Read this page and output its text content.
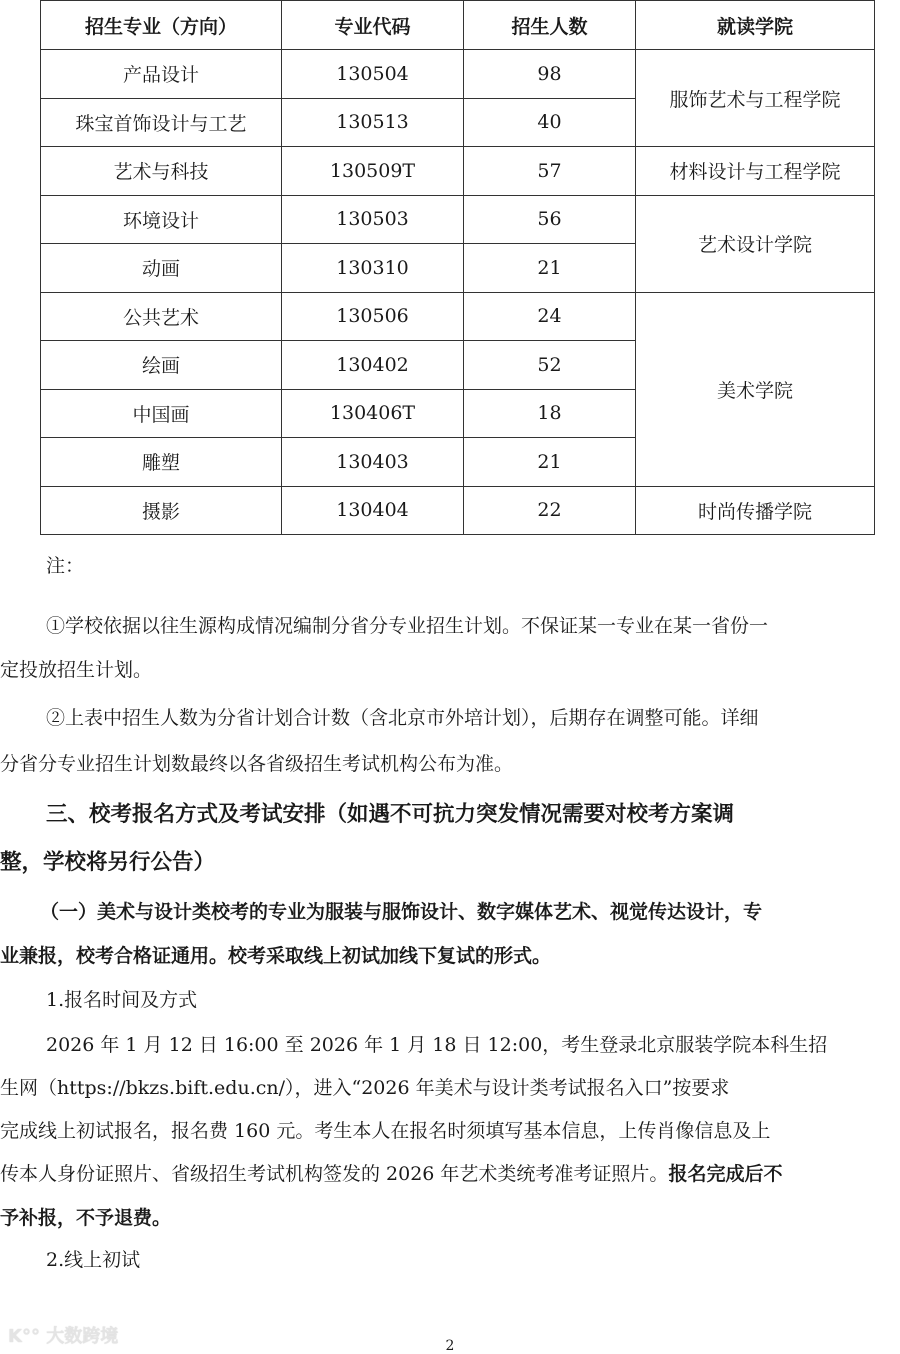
招生专业（方向）	专业代码	招生人数	就读学院
产品设计	130504	98	服饰艺术与工程学院
珠宝首饰设计与工艺	130513	40	
艺术与科技	130509T	57	材料设计与工程学院
环境设计	130503	56	艺术设计学院
动画	130310	21	
公共艺术	130506	24	美术学院
绘画	130402	52	
中国画	130406T	18	
雕塑	130403	21	
摄影	130404	22	时尚传播学院
注：
①学校依据以往生源构成情况编制分省分专业招生计划。不保证某一专业在某一省份一
定投放招生计划。
②上表中招生人数为分省计划合计数（含北京市外培计划），后期存在调整可能。详细
分省分专业招生计划数最终以各省级招生考试机构公布为准。
三、校考报名方式及考试安排（如遇不可抗力突发情况需要对校考方案调
整，学校将另行公告）
（一）美术与设计类校考的专业为服装与服饰设计、数字媒体艺术、视觉传达设计，专
业兼报，校考合格证通用。校考采取线上初试加线下复试的形式。
1.报名时间及方式
2026 年 1 月 12 日 16:00 至 2026 年 1 月 18 日 12:00，考生登录北京服装学院本科生招
生网（https://bkzs.bift.edu.cn/），进入“2026 年美术与设计类考试报名入口”按要求
完成线上初试报名，报名费 160 元。考生本人在报名时须填写基本信息，上传肖像信息及上
传本人身份证照片、省级招生考试机构签发的 2026 年艺术类统考准考证照片。报名完成后不
予补报，不予退费。
2.线上初试
K°° 大数跨境	2
